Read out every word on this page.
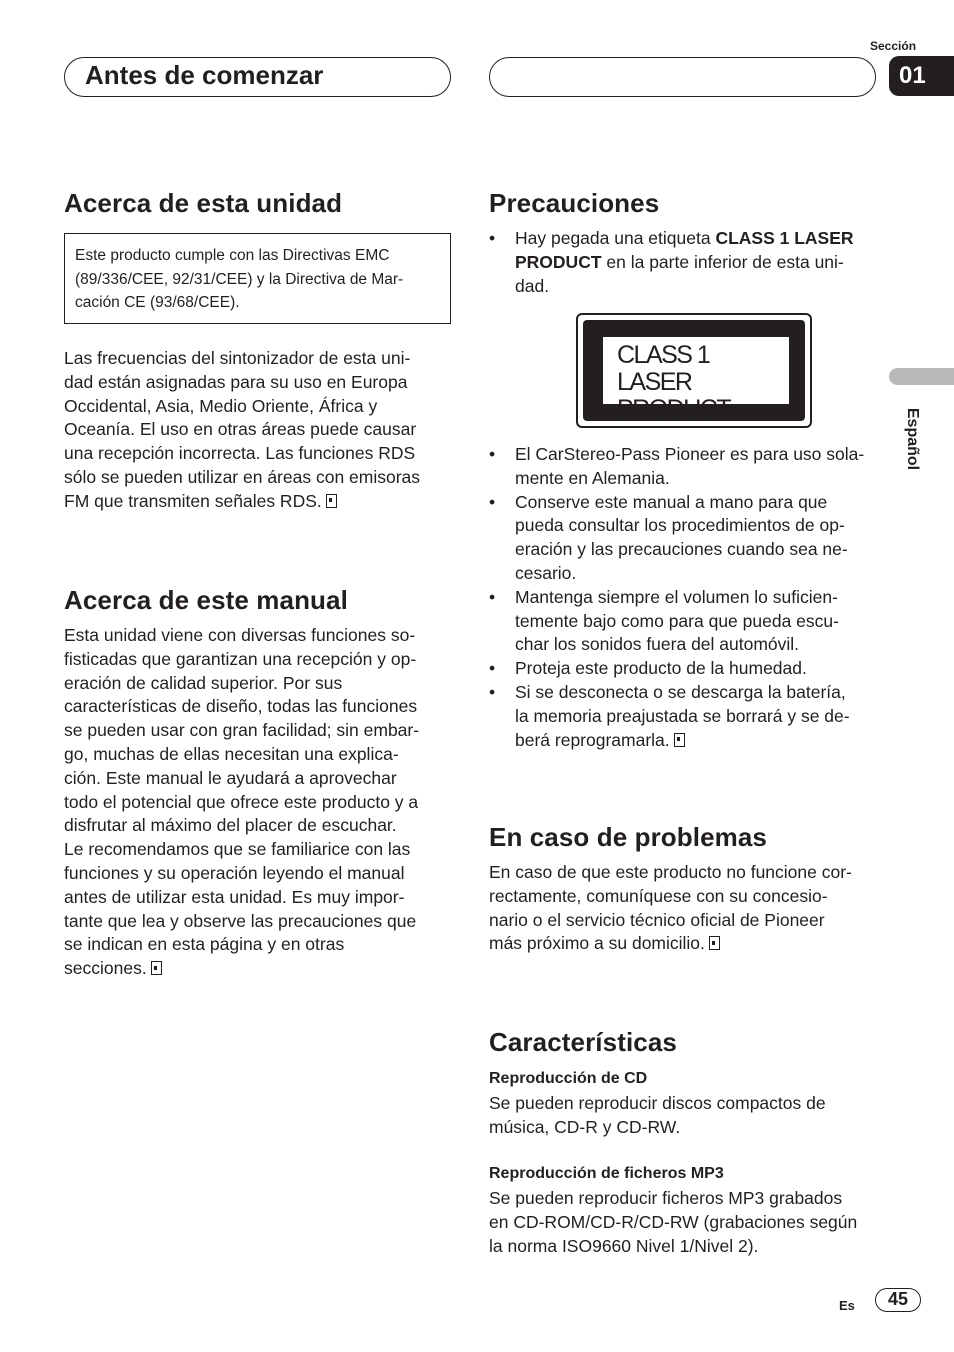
Antes de comenzar
Sección
01
Español
Acerca de esta unidad
Este producto cumple con las Directivas EMC
(89/336/CEE, 92/31/CEE) y la Directiva de Mar-
cación CE (93/68/CEE).

Las frecuencias del sintonizador de esta uni-

dad están asignadas para su uso en Europa

Occidental, Asia, Medio Oriente, África y

Oceanía. El uso en otras áreas puede causar

una recepción incorrecta. Las funciones RDS

sólo se pueden utilizar en áreas con emisoras

FM que transmiten señales RDS.

Acerca de este manual

Esta unidad viene con diversas funciones so-

fisticadas que garantizan una recepción y op-

eración de calidad superior. Por sus

características de diseño, todas las funciones

se pueden usar con gran facilidad; sin embar-

go, muchas de ellas necesitan una explica-

ción. Este manual le ayudará a aprovechar

todo el potencial que ofrece este producto y a

disfrutar al máximo del placer de escuchar.

Le recomendamos que se familiarice con las

funciones y su operación leyendo el manual

antes de utilizar esta unidad. Es muy impor-

tante que lea y observe las precauciones que

se indican en esta página y en otras

secciones.

Precauciones
• Hay pegada una etiqueta CLASS 1 LASER
PRODUCT en la parte inferior de esta uni-
dad.
CLASS 1
LASER PRODUCT
• El CarStereo-Pass Pioneer es para uso sola-
mente en Alemania.
• Conserve este manual a mano para que
pueda consultar los procedimientos de op-
eración y las precauciones cuando sea ne-
cesario.
• Mantenga siempre el volumen lo suficien-
temente bajo como para que pueda escu-
char los sonidos fuera del automóvil.
• Proteja este producto de la humedad.
• Si se desconecta o se descarga la batería,
la memoria preajustada se borrará y se de-
berá reprogramarla.
En caso de problemas

En caso de que este producto no funcione cor-

rectamente, comuníquese con su concesio-

nario o el servicio técnico oficial de Pioneer

más próximo a su domicilio.

Características
Reproducción de CD

Se pueden reproducir discos compactos de

música, CD-R y CD-RW.

Reproducción de ficheros MP3

Se pueden reproducir ficheros MP3 grabados

en CD-ROM/CD-R/CD-RW (grabaciones según

la norma ISO9660 Nivel 1/Nivel 2).

Es	45
